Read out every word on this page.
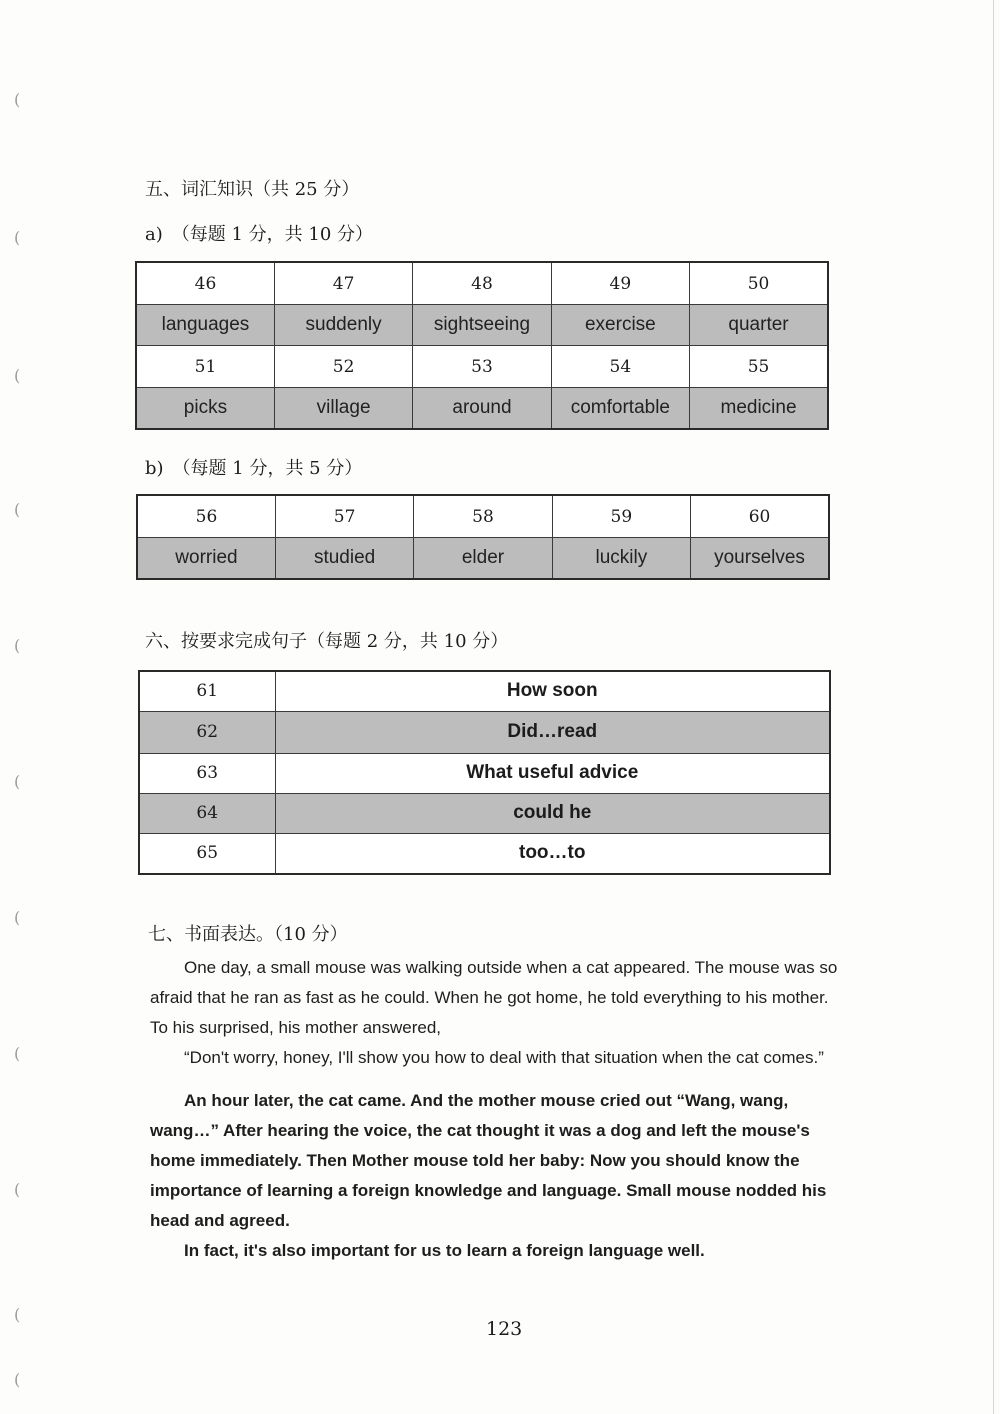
(
(
(
(
(
(
(
(
(
(
(
五、词汇知识（共 25 分）
a)　（每题 1 分，共 10 分）
46	47	48	49	50
languages	suddenly	sightseeing	exercise	quarter
51	52	53	54	55
picks	village	around	comfortable	medicine
b)　（每题 1 分，共 5 分）
56	57	58	59	60
worried	studied	elder	luckily	yourselves
六、按要求完成句子（每题 2 分，共 10 分）
61	How soon
62	Did…read
63	What useful advice
64	could he
65	too…to
七、书面表达。（10 分）

One day, a small mouse was walking outside when a cat appeared. The mouse was so afraid that he ran as fast as he could. When he got home, he told everything to his mother. To his surprised, his mother answered,

“Don't worry, honey, I'll show you how to deal with that situation when the cat comes.”

An hour later, the cat came. And the mother mouse cried out “Wang, wang, wang…” After hearing the voice, the cat thought it was a dog and left the mouse's home immediately. Then Mother mouse told her baby: Now you should know the importance of learning a foreign knowledge and language. Small mouse nodded his head and agreed.

In fact, it's also important for us to learn a foreign language well.

123
